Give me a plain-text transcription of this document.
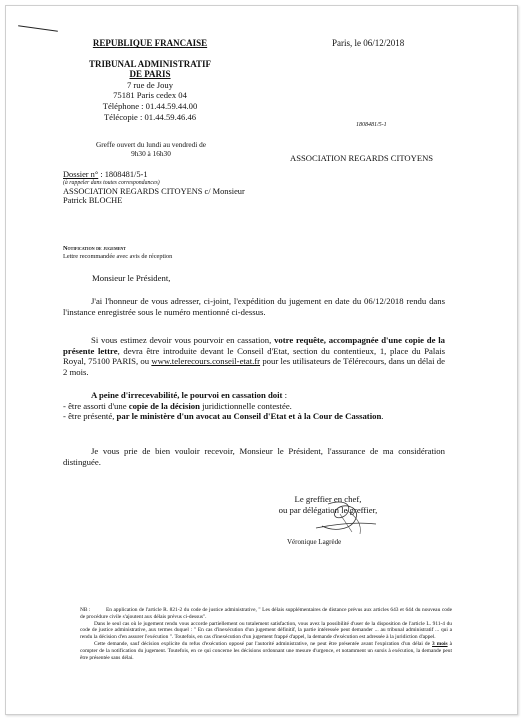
REPUBLIQUE FRANCAISE
TRIBUNAL ADMINISTRATIF
DE PARIS
7 rue de Jouy
75181 Paris cedex 04
Téléphone : 01.44.59.44.00
Télécopie : 01.44.59.46.46
Greffe ouvert du lundi au vendredi de
9h30 à 16h30
Paris, le 06/12/2018
1808481/5-1
ASSOCIATION REGARDS CITOYENS
Dossier n° : 1808481/5-1
(à rappeler dans toutes correspondances)
ASSOCIATION REGARDS CITOYENS c/ Monsieur
Patrick BLOCHE
Notification de jugement
Lettre recommandée avec avis de réception
Monsieur le Président,

J'ai l'honneur de vous adresser, ci-joint, l'expédition du jugement en date du 06/12/2018 rendu dans l'instance enregistrée sous le numéro mentionné ci-dessus.

Si vous estimez devoir vous pourvoir en cassation, votre requête, accompagnée d'une copie de la présente lettre, devra être introduite devant le Conseil d'Etat, section du contentieux, 1, place du Palais Royal, 75100 PARIS, ou www.telerecours.conseil-etat.fr pour les utilisateurs de Télérecours, dans un délai de 2 mois.

A peine d'irrecevabilité, le pourvoi en cassation doit :

- être assorti d'une copie de la décision juridictionnelle contestée.

- être présenté, par le ministère d'un avocat au Conseil d'Etat et à la Cour de Cassation.

Je vous prie de bien vouloir recevoir, Monsieur le Président, l'assurance de ma considération distinguée.

Le greffier en chef,
ou par délégation le greffier,
Véronique Lagrède

NB :	En application de l'article R. 821-2 du code de justice administrative, " Les délais supplémentaires de distance prévus aux articles 643 et 644 du nouveau code de procédure civile s'ajoutent aux délais prévus ci-dessus".

Dans le seul cas où le jugement rendu vous accorde partiellement ou totalement satisfaction, vous avez la possibilité d'user de la disposition de l'article L. 911-4 du code de justice administrative, aux termes duquel : " En cas d'inexécution d'un jugement définitif, la partie intéressée peut demander ... au tribunal administratif ... qui a rendu la décision d'en assurer l'exécution ". Toutefois, en cas d'inexécution d'un jugement frappé d'appel, la demande d'exécution est adressée à la juridiction d'appel.

Cette demande, sauf décision explicite du refus d'exécution opposé par l'autorité administrative, ne peut être présentée avant l'expiration d'un délai de 3 mois à compter de la notification du jugement. Toutefois, en ce qui concerne les décisions ordonnant une mesure d'urgence, et notamment un sursis à exécution, la demande peut être présentée sans délai.
